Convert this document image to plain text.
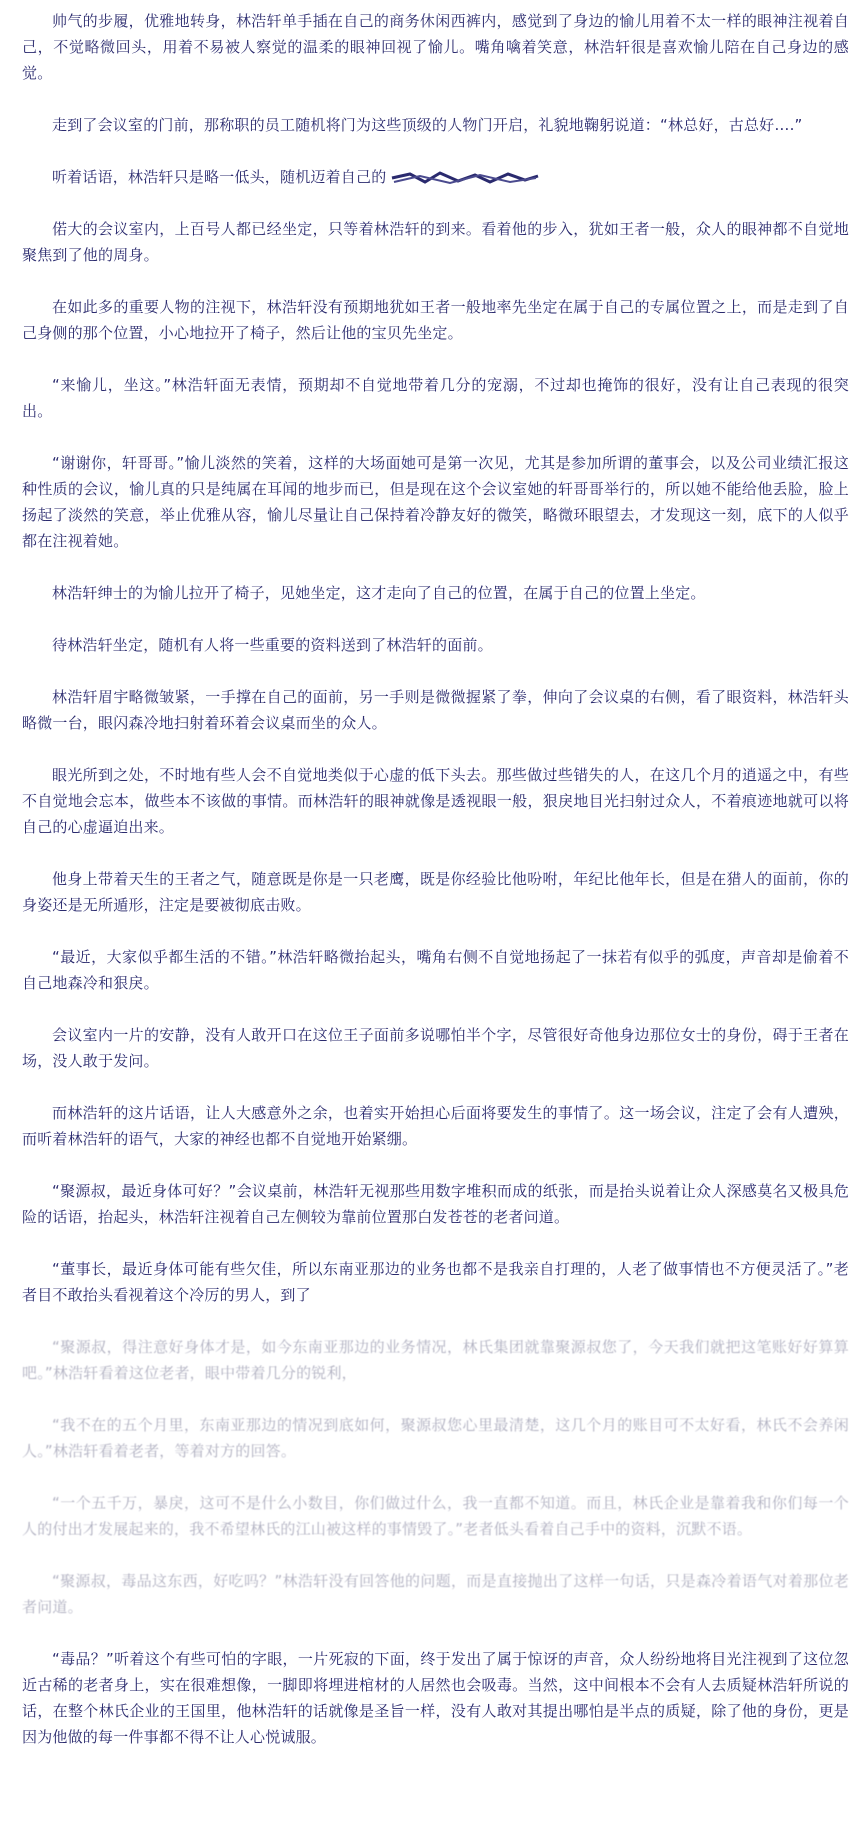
帅气的步履，优雅地转身，林浩轩单手插在自己的商务休闲西裤内，感觉到了身边的愉儿用着不太一样的眼神注视着自己，不觉略微回头，用着不易被人察觉的温柔的眼神回视了愉儿。嘴角噙着笑意，林浩轩很是喜欢愉儿陪在自己身边的感觉。

走到了会议室的门前，那称职的员工随机将门为这些顶级的人物门开启，礼貌地鞠躬说道：“林总好，古总好….”

听着话语，林浩轩只是略一低头，随机迈着自己的

偌大的会议室内，上百号人都已经坐定，只等着林浩轩的到来。看着他的步入，犹如王者一般，众人的眼神都不自觉地聚焦到了他的周身。

在如此多的重要人物的注视下，林浩轩没有预期地犹如王者一般地率先坐定在属于自己的专属位置之上，而是走到了自己身侧的那个位置，小心地拉开了椅子，然后让他的宝贝先坐定。

“来愉儿，坐这。”林浩轩面无表情，预期却不自觉地带着几分的宠溺，不过却也掩饰的很好，没有让自己表现的很突出。

“谢谢你，轩哥哥。”愉儿淡然的笑着，这样的大场面她可是第一次见，尤其是参加所谓的董事会，以及公司业绩汇报这种性质的会议，愉儿真的只是纯属在耳闻的地步而已，但是现在这个会议室她的轩哥哥举行的，所以她不能给他丢脸，脸上扬起了淡然的笑意，举止优雅从容，愉儿尽量让自己保持着冷静友好的微笑，略微环眼望去，才发现这一刻，底下的人似乎都在注视着她。

林浩轩绅士的为愉儿拉开了椅子，见她坐定，这才走向了自己的位置，在属于自己的位置上坐定。

待林浩轩坐定，随机有人将一些重要的资料送到了林浩轩的面前。

林浩轩眉宇略微皱紧，一手撑在自己的面前，另一手则是微微握紧了拳，伸向了会议桌的右侧，看了眼资料，林浩轩头略微一台，眼闪森冷地扫射着环着会议桌而坐的众人。

眼光所到之处，不时地有些人会不自觉地类似于心虚的低下头去。那些做过些错失的人，在这几个月的逍遥之中，有些不自觉地会忘本，做些本不该做的事情。而林浩轩的眼神就像是透视眼一般，狠戾地目光扫射过众人，不着痕迹地就可以将自己的心虚逼迫出来。

他身上带着天生的王者之气，随意既是你是一只老鹰，既是你经验比他吩咐，年纪比他年长，但是在猎人的面前，你的身姿还是无所遁形，注定是要被彻底击败。

“最近，大家似乎都生活的不错。”林浩轩略微抬起头，嘴角右侧不自觉地扬起了一抹若有似乎的弧度，声音却是偷着不自己地森冷和狠戾。

会议室内一片的安静，没有人敢开口在这位王子面前多说哪怕半个字，尽管很好奇他身边那位女士的身份，碍于王者在场，没人敢于发问。

而林浩轩的这片话语，让人大感意外之余，也着实开始担心后面将要发生的事情了。这一场会议，注定了会有人遭殃，而听着林浩轩的语气，大家的神经也都不自觉地开始紧绷。

“聚源叔，最近身体可好？”会议桌前，林浩轩无视那些用数字堆积而成的纸张，而是抬头说着让众人深感莫名又极具危险的话语，抬起头，林浩轩注视着自己左侧较为靠前位置那白发苍苍的老者问道。

“董事长，最近身体可能有些欠佳，所以东南亚那边的业务也都不是我亲自打理的，人老了做事情也不方便灵活了。”老者目不敢抬头看视着这个冷厉的男人，到了

“聚源叔，得注意好身体才是，如今东南亚那边的业务情况，林氏集团就靠聚源叔您了，今天我们就把这笔账好好算算吧。”林浩轩看着这位老者，眼中带着几分的锐利，

“我不在的五个月里，东南亚那边的情况到底如何，聚源叔您心里最清楚，这几个月的账目可不太好看，林氏不会养闲人。”林浩轩看着老者，等着对方的回答。

“一个五千万，暴戾，这可不是什么小数目，你们做过什么，我一直都不知道。而且，林氏企业是靠着我和你们每一个人的付出才发展起来的，我不希望林氏的江山被这样的事情毁了。”老者低头看着自己手中的资料，沉默不语。

“聚源叔，毒品这东西，好吃吗？”林浩轩没有回答他的问题，而是直接抛出了这样一句话，只是森冷着语气对着那位老者问道。

“毒品？”听着这个有些可怕的字眼，一片死寂的下面，终于发出了属于惊讶的声音，众人纷纷地将目光注视到了这位忽近古稀的老者身上，实在很难想像，一脚即将埋进棺材的人居然也会吸毒。当然，这中间根本不会有人去质疑林浩轩所说的话，在整个林氏企业的王国里，他林浩轩的话就像是圣旨一样，没有人敢对其提出哪怕是半点的质疑，除了他的身份，更是因为他做的每一件事都不得不让人心悦诚服。
